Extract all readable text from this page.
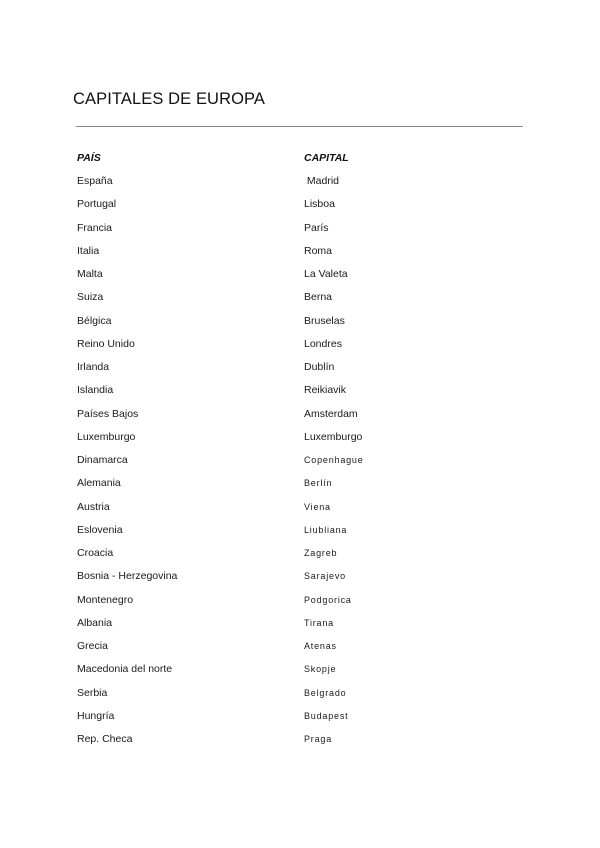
CAPITALES DE EUROPA
PAÍS	CAPITAL
España	Madrid
Portugal	Lisboa
Francia	París
Italia	Roma
Malta	La Valeta
Suiza	Berna
Bélgica	Bruselas
Reino Unido	Londres
Irlanda	Dublín
Islandia	Reikiavik
Países Bajos	Amsterdam
Luxemburgo	Luxemburgo
Dinamarca	Copenhague
Alemania	Berlín
Austria	Viena
Eslovenia	Liubliana
Croacia	Zagreb
Bosnia - Herzegovina	Sarajevo
Montenegro	Podgorica
Albania	Tirana
Grecia	Atenas
Macedonia del norte	Skopje
Serbia	Belgrado
Hungría	Budapest
Rep. Checa	Praga
